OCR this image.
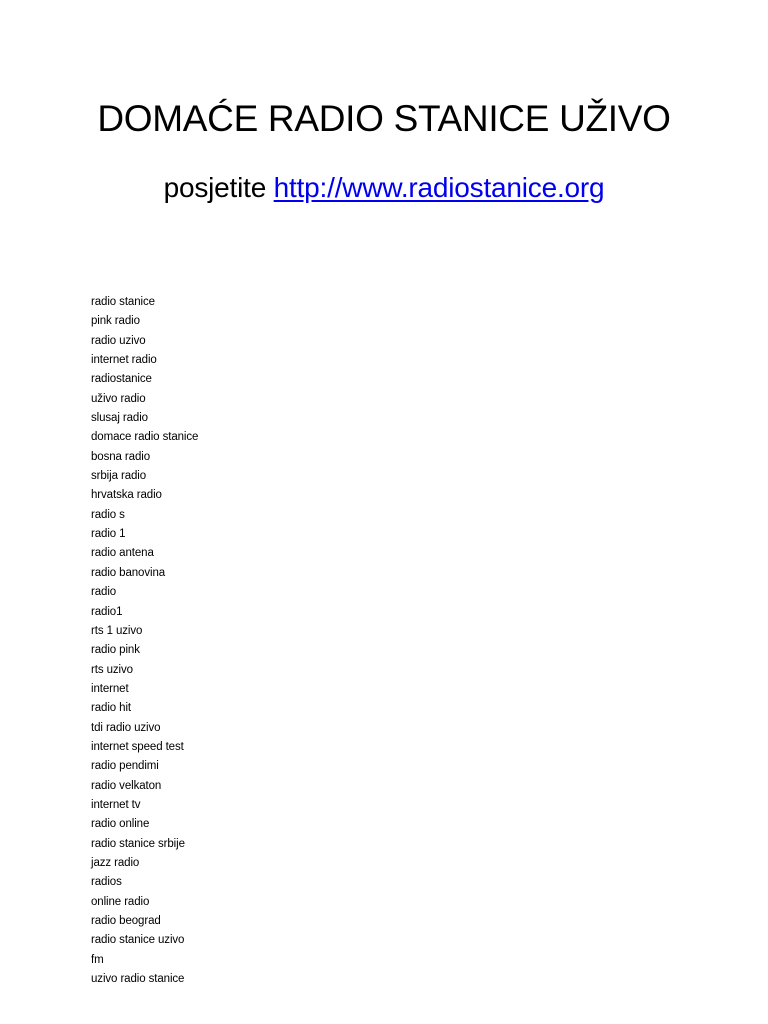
DOMAĆE RADIO STANICE UŽIVO
posjetite http://www.radiostanice.org
radio stanice
pink radio
radio uzivo
internet radio
radiostanice
uživo radio
slusaj radio
domace radio stanice
bosna radio
srbija radio
hrvatska radio
radio s
radio 1
radio antena
radio banovina
radio
radio1
rts 1 uzivo
radio pink
rts uzivo
internet
radio hit
tdi radio uzivo
internet speed test
radio pendimi
radio velkaton
internet tv
radio online
radio stanice srbije
jazz radio
radios
online radio
radio beograd
radio stanice uzivo
fm
uzivo radio stanice
